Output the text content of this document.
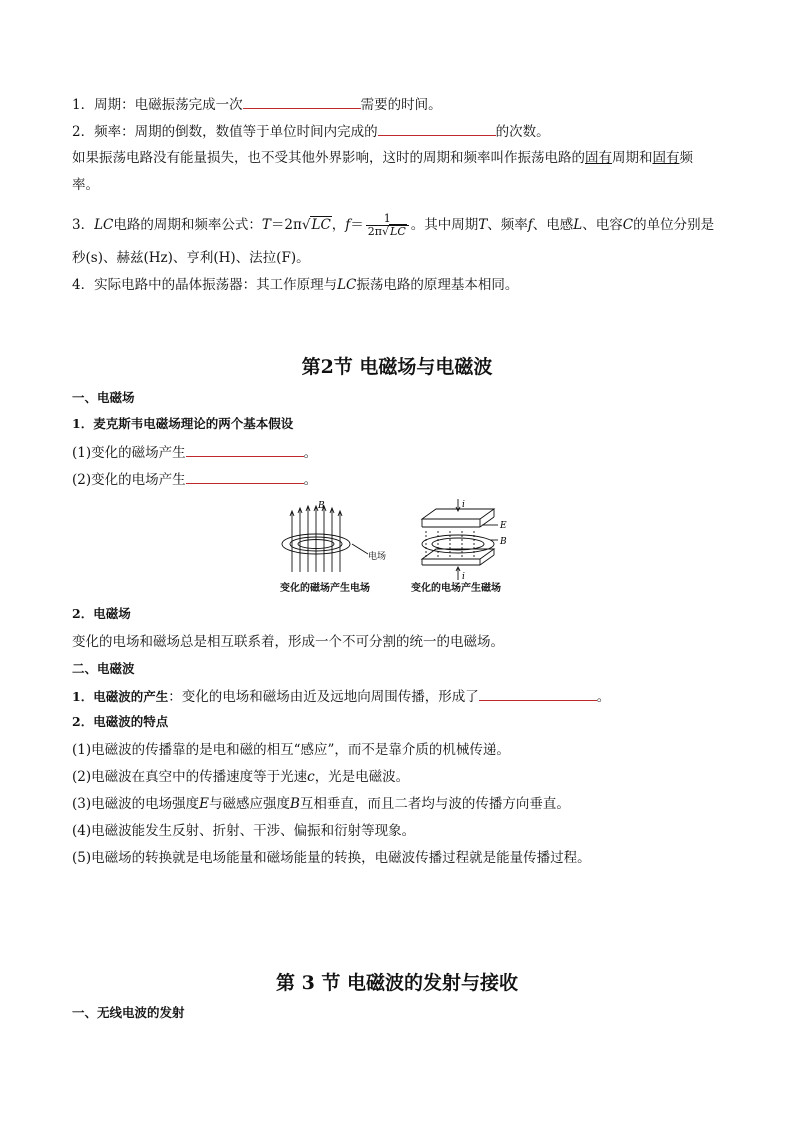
1．周期：电磁振荡完成一次	需要的时间。
2．频率：周期的倒数，数值等于单位时间内完成的	的次数。
如果振荡电路没有能量损失，也不受其他外界影响，这时的周期和频率叫作振荡电路的固有周期和固有频
率。
3．LC电路的周期和频率公式：T＝2π√LC，$f= \frac{1}{2\pi√LC}$ 。其中周期T、频率f、电感L、电容C的单位分别是
秒(s)、赫兹(Hz)、亨利(H)、法拉(F)。
4．实际电路中的晶体振荡器：其工作原理与LC振荡电路的原理基本相同。
第2节 电磁场与电磁波
一、电磁场
1．麦克斯韦电磁场理论的两个基本假设
(1)变化的磁场产生	。
(2)变化的电场产生	。
B
电场
i
E
B
i
变化的磁场产生电场	变化的电场产生磁场
2．电磁场
变化的电场和磁场总是相互联系着，形成一个不可分割的统一的电磁场。
二、电磁波
1．电磁波的产生：变化的电场和磁场由近及远地向周围传播，形成了	。
2．电磁波的特点
(1)电磁波的传播靠的是电和磁的相互“感应”，而不是靠介质的机械传递。
(2)电磁波在真空中的传播速度等于光速c，光是电磁波。
(3)电磁波的电场强度E与磁感应强度B互相垂直，而且二者均与波的传播方向垂直。
(4)电磁波能发生反射、折射、干涉、偏振和衍射等现象。
(5)电磁场的转换就是电场能量和磁场能量的转换，电磁波传播过程就是能量传播过程。
第 3 节 电磁波的发射与接收
一、无线电波的发射
